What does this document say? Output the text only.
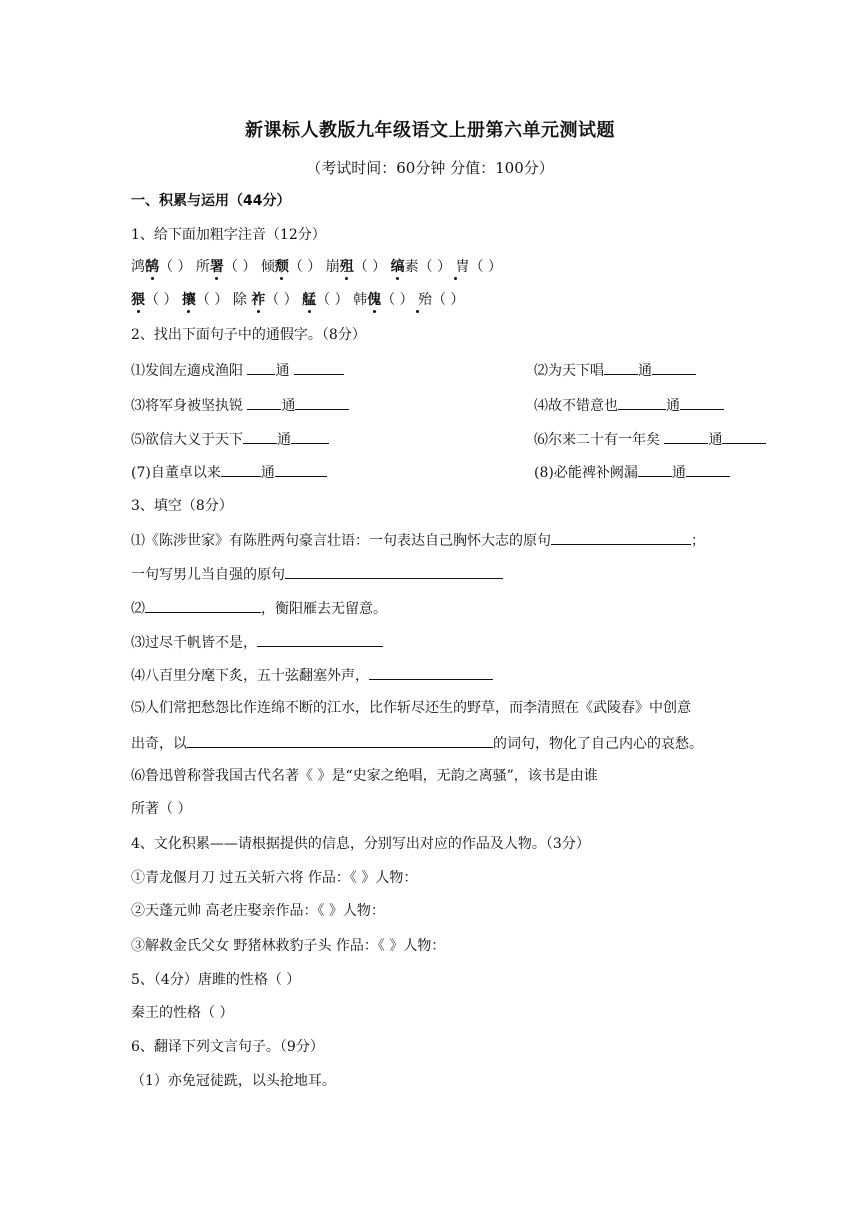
新课标人教版九年级语文上册第六单元测试题
（考试时间：60分钟 分值：100分）
一、积累与运用（44分）
1、给下面加粗字注音（12分）
鸿鹄（ ） 所署（ ） 倾颓（ ） 崩殂（ ） 缟素（ ） 冑（ ）
猥（ ） 攘（ ） 除 祚（ ） 艋（ ） 韩傀（ ） 殆（ ）
2、找出下面句子中的通假字。（8分）
⑴发闾左適戍渔阳 通	⑵为天下唱 通
⑶将军身被坚执锐 通	⑷故不错意也	通
⑸欲信大义于天下 通	⑹尔来二十有一年矣	通
(7)自董卓以来	通	(8)必能裨补阙漏 通
3、填空（8分）
⑴《陈涉世家》有陈胜两句豪言壮语：一句表达自己胸怀大志的原句	；
一句写男儿当自强的原句
⑵	，衡阳雁去无留意。
⑶过尽千帆皆不是，
⑷八百里分麾下炙，五十弦翻塞外声，
⑸人们常把愁怨比作连绵不断的江水，比作斩尽还生的野草，而李清照在《武陵春》中创意
出奇，以	的词句，物化了自己内心的哀愁。
⑹鲁迅曾称誉我国古代名著《 》是“史家之绝唱，无韵之离骚”，该书是由谁
所著（ ）
4、文化积累——请根据提供的信息，分别写出对应的作品及人物。（3分）
①青龙偃月刀 过五关斩六将 作品：《 》人物：
②天蓬元帅 高老庄娶亲作品：《 》人物：
③解救金氏父女 野猪林救豹子头 作品：《 》人物：
5、（4分）唐雎的性格（ ）
秦王的性格（ ）
6、翻译下列文言句子。（9分）
（1）亦免冠徒跣，以头抢地耳。
